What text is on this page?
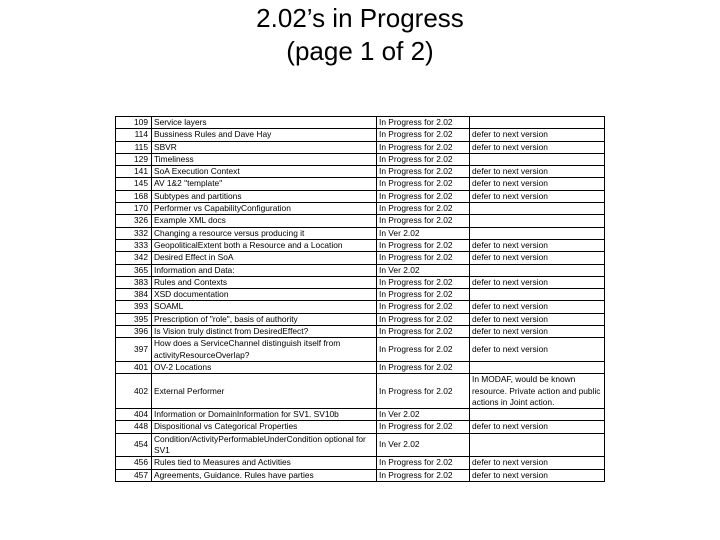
2.02’s in Progress
(page 1 of 2)
109	Service layers	In Progress for 2.02	
114	Bussiness Rules and Dave Hay	In Progress for 2.02	defer to next version
115	SBVR	In Progress for 2.02	defer to next version
129	Timeliness	In Progress for 2.02	
141	SoA Execution Context	In Progress for 2.02	defer to next version
145	AV 1&2 "template"	In Progress for 2.02	defer to next version
168	Subtypes and partitions	In Progress for 2.02	defer to next version
170	Performer vs CapabilityConfiguration	In Progress for 2.02	
326	Example XML docs	In Progress for 2.02	
332	Changing a resource versus producing it	In Ver 2.02	
333	GeopoliticalExtent both a Resource and a Location	In Progress for 2.02	defer to next version
342	Desired Effect in SoA	In Progress for 2.02	defer to next version
365	Information and Data:	In Ver 2.02	
383	Rules and Contexts	In Progress for 2.02	defer to next version
384	XSD documentation	In Progress for 2.02	
393	SOAML	In Progress for 2.02	defer to next version
395	Prescription of "role", basis of authority	In Progress for 2.02	defer to next version
396	Is Vision truly distinct from DesiredEffect?	In Progress for 2.02	defer to next version
397	How does a ServiceChannel distinguish itself from activityResourceOverlap?	In Progress for 2.02	defer to next version
401	OV-2 Locations	In Progress for 2.02	
402	External Performer	In Progress for 2.02	In MODAF, would be known resource. Private action and public actions in Joint action.
404	Information or DomainInformation for SV1. SV10b	In Ver 2.02	
448	Dispositional vs Categorical Properties	In Progress for 2.02	defer to next version
454	Condition/ActivityPerformableUnderCondition optional for SV1	In Ver 2.02	
456	Rules tied to Measures and Activities	In Progress for 2.02	defer to next version
457	Agreements, Guidance. Rules have parties	In Progress for 2.02	defer to next version
